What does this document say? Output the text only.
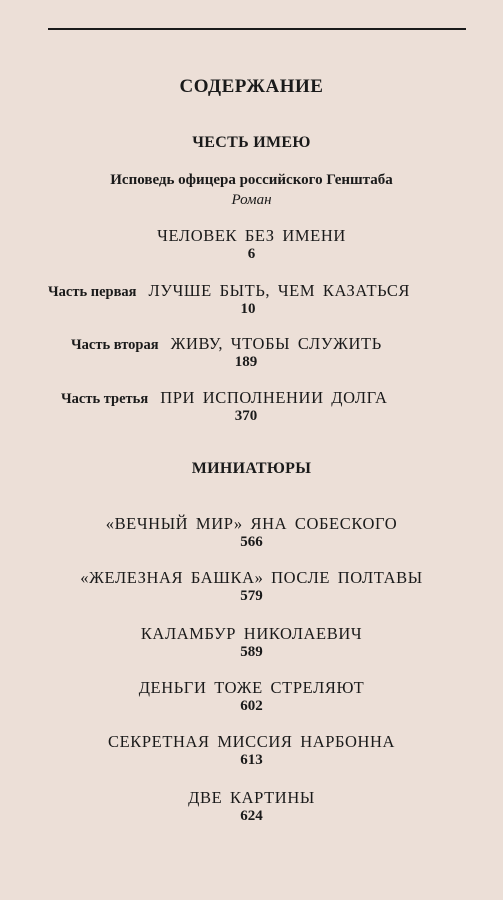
СОДЕРЖАНИЕ
ЧЕСТЬ ИМЕЮ
Исповедь офицера российского Генштаба
Роман
ЧЕЛОВЕК БЕЗ ИМЕНИ
6
Часть первая ЛУЧШЕ БЫТЬ, ЧЕМ КАЗАТЬСЯ
10
Часть вторая ЖИВУ, ЧТОБЫ СЛУЖИТЬ
189
Часть третья ПРИ ИСПОЛНЕНИИ ДОЛГА
370
МИНИАТЮРЫ
«ВЕЧНЫЙ МИР» ЯНА СОБЕСКОГО
566
«ЖЕЛЕЗНАЯ БАШКА» ПОСЛЕ ПОЛТАВЫ
579
КАЛАМБУР НИКОЛАЕВИЧ
589
ДЕНЬГИ ТОЖЕ СТРЕЛЯЮТ
602
СЕКРЕТНАЯ МИССИЯ НАРБОННА
613
ДВЕ КАРТИНЫ
624
